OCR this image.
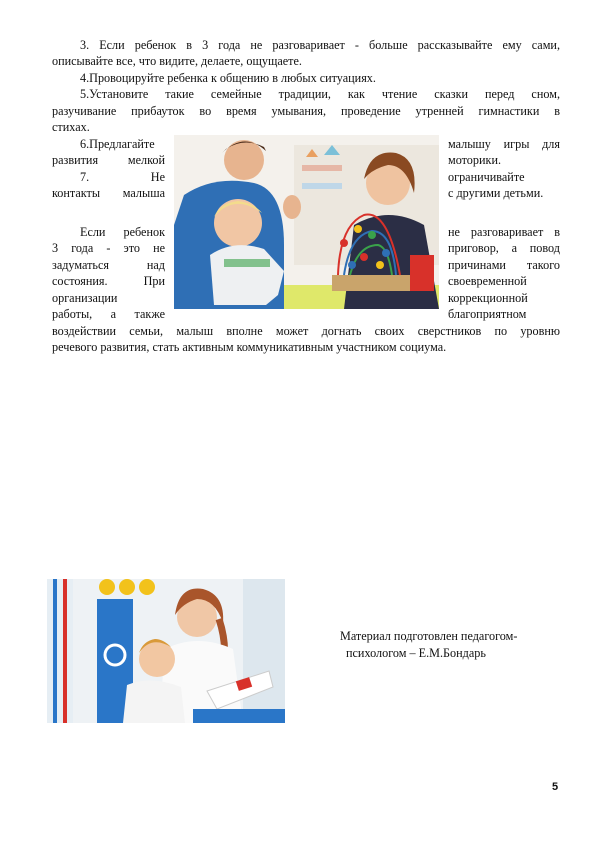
3. Если ребенок в 3 года не разговаривает - больше рассказывайте ему сами,

описывайте все, что видите, делаете, ощущаете.

4.Провоцируйте ребенка к общению в любых ситуациях.

5.Установите такие семейные традиции, как чтение сказки перед сном,

разучивание прибауток во время умывания, проведение утренней гимнастики в

стихах.

6.Предлагайте

развития мелкой

малышу игры для

моторики.

7. Не

контакты малыша

ограничивайте

с другими детьми.

Если ребенок

3 года - это не

задуматься над

состояния. При

организации

работы, а также

не разговаривает в

приговор, а повод

причинами такого

своевременной

коррекционной

благоприятном

воздействии семьи, малыш вполне может догнать своих сверстников по уровню

речевого развития, стать активным коммуникативным участником социума.

Материал подготовлен педагогом-
психологом – Е.М.Бондарь
5
